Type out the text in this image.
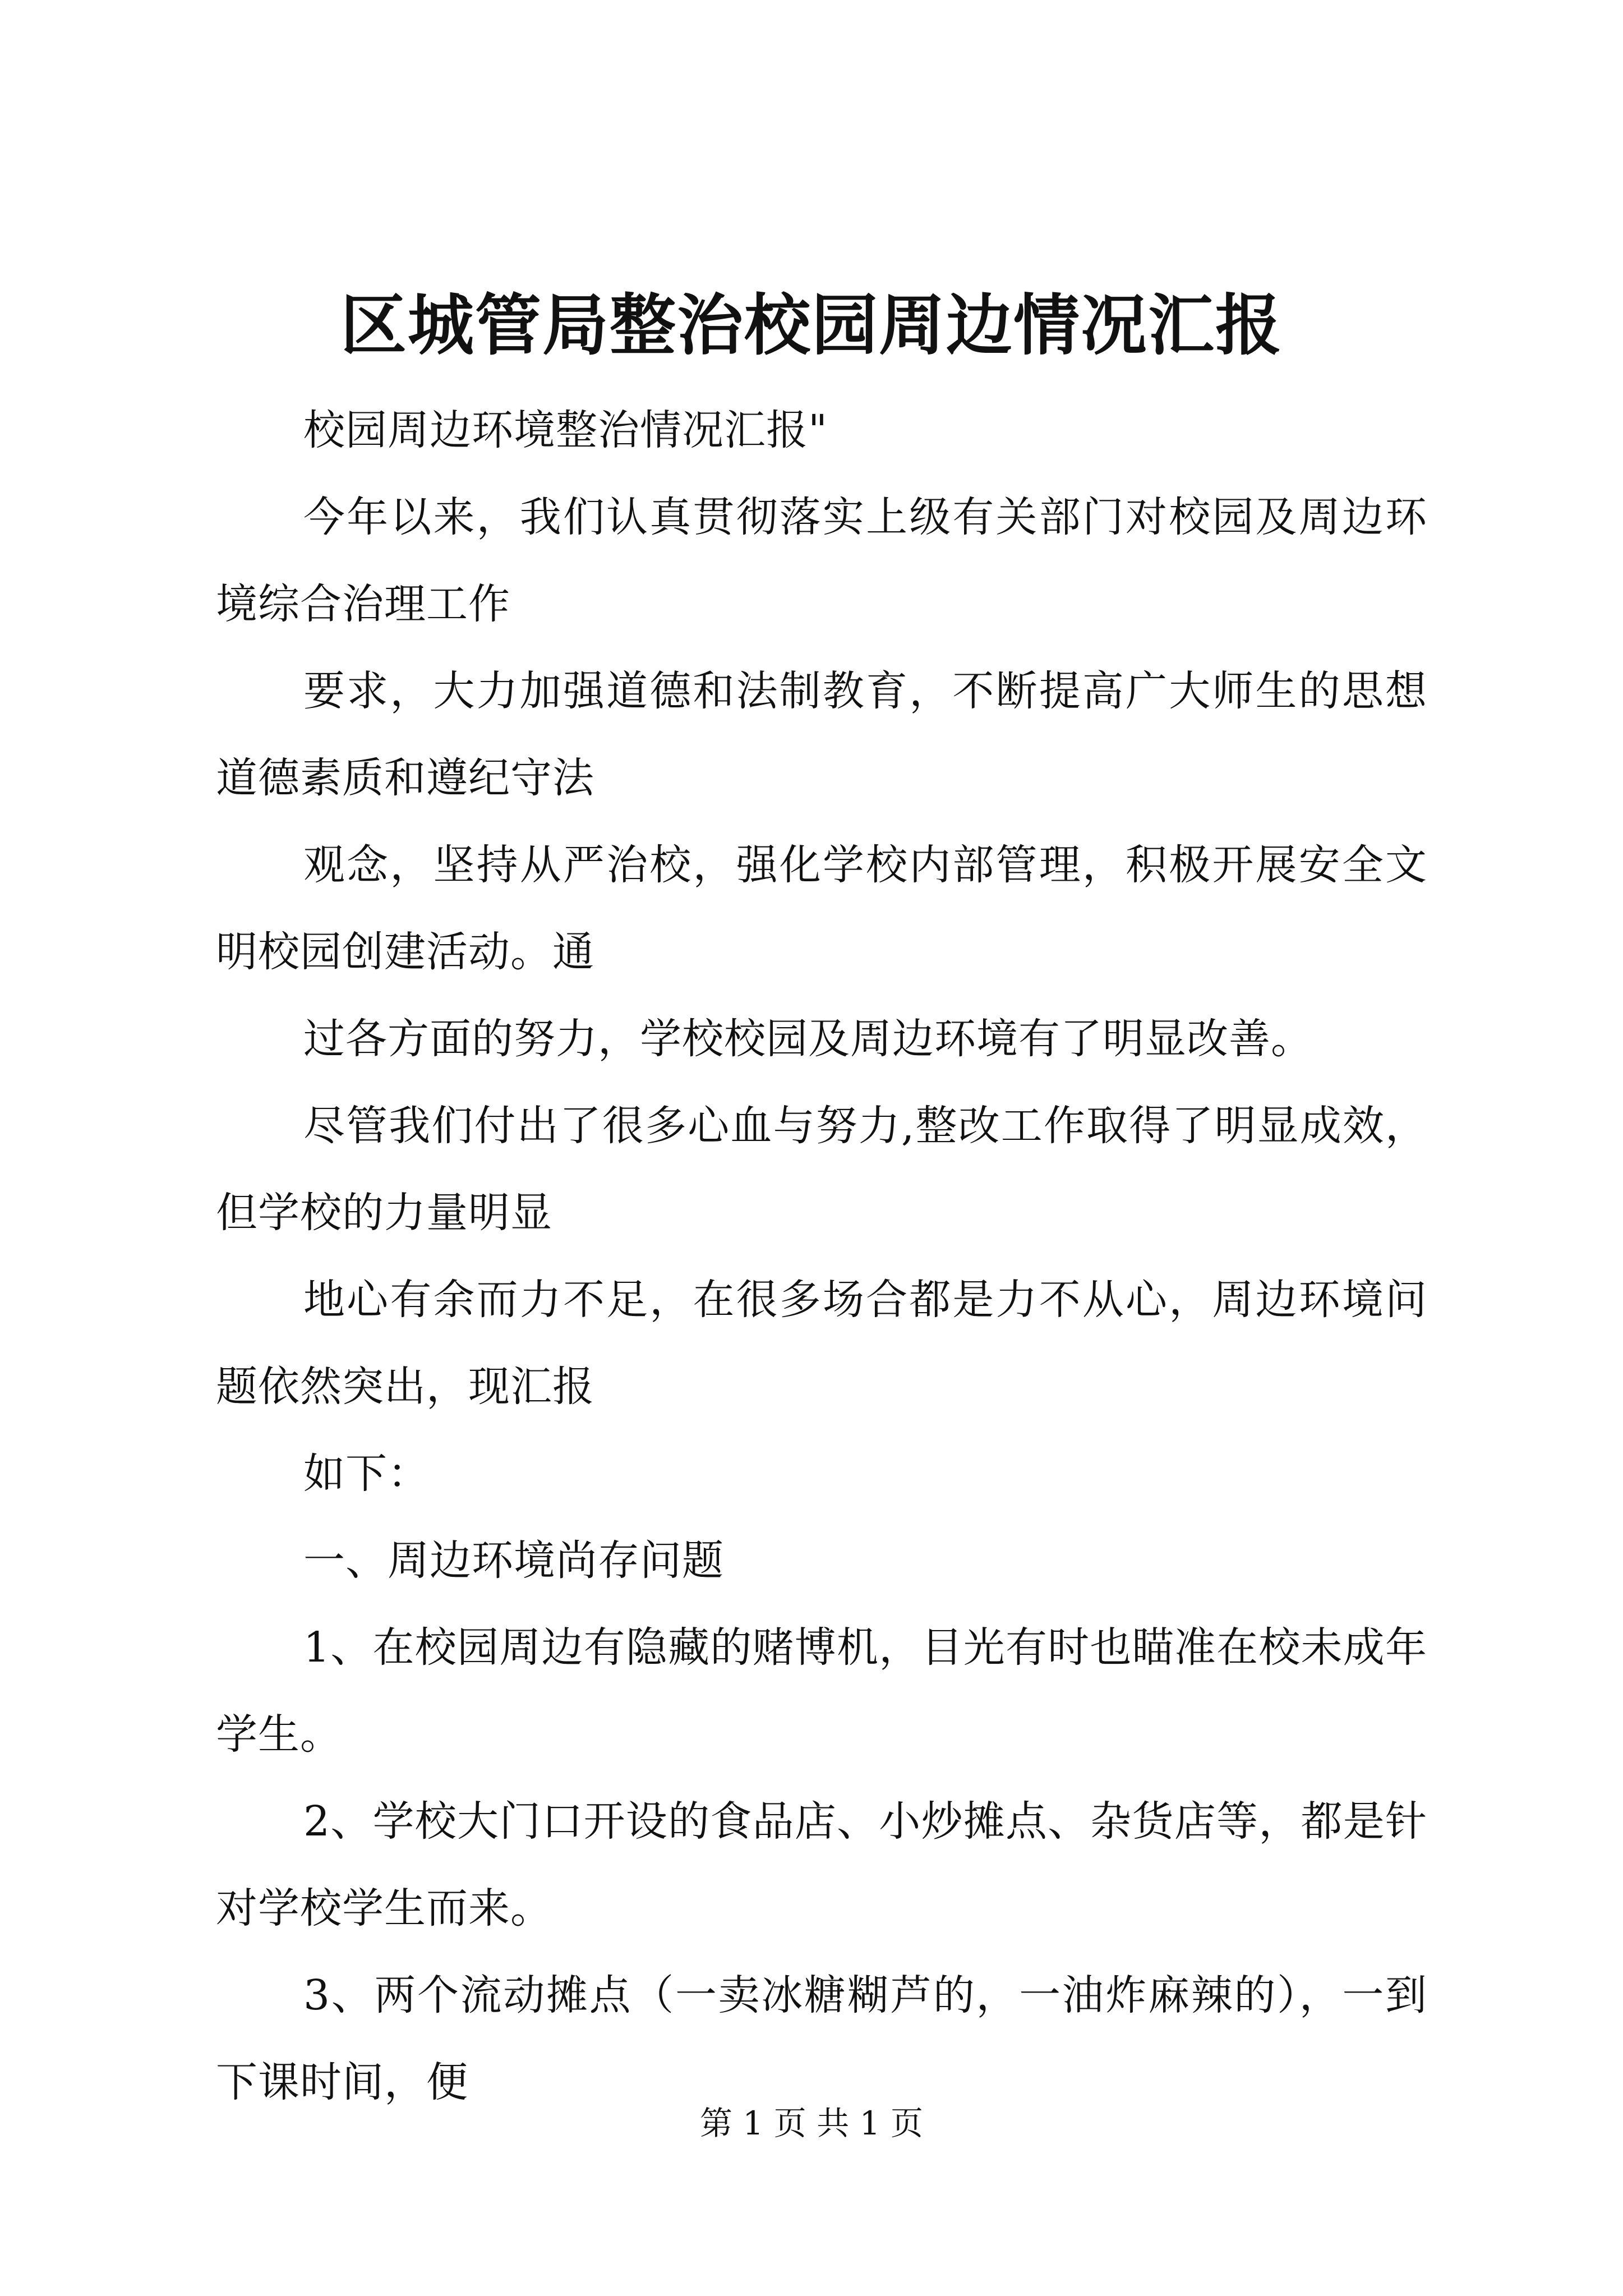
区城管局整治校园周边情况汇报

校园周边环境整治情况汇报"

今年以来，我们认真贯彻落实上级有关部门对校园及周边环境综合治理工作

要求，大力加强道德和法制教育，不断提高广大师生的思想道德素质和遵纪守法

观念，坚持从严治校，强化学校内部管理，积极开展安全文明校园创建活动。通

过各方面的努力，学校校园及周边环境有了明显改善。

尽管我们付出了很多心血与努力,整改工作取得了明显成效，但学校的力量明显

地心有余而力不足，在很多场合都是力不从心，周边环境问题依然突出，现汇报

如下：

一、周边环境尚存问题

1、在校园周边有隐藏的赌博机，目光有时也瞄准在校未成年学生。

2、学校大门口开设的食品店、小炒摊点、杂货店等，都是针对学校学生而来。

3、两个流动摊点（一卖冰糖糊芦的，一油炸麻辣的），一到下课时间，便

第 1 页 共 1 页
